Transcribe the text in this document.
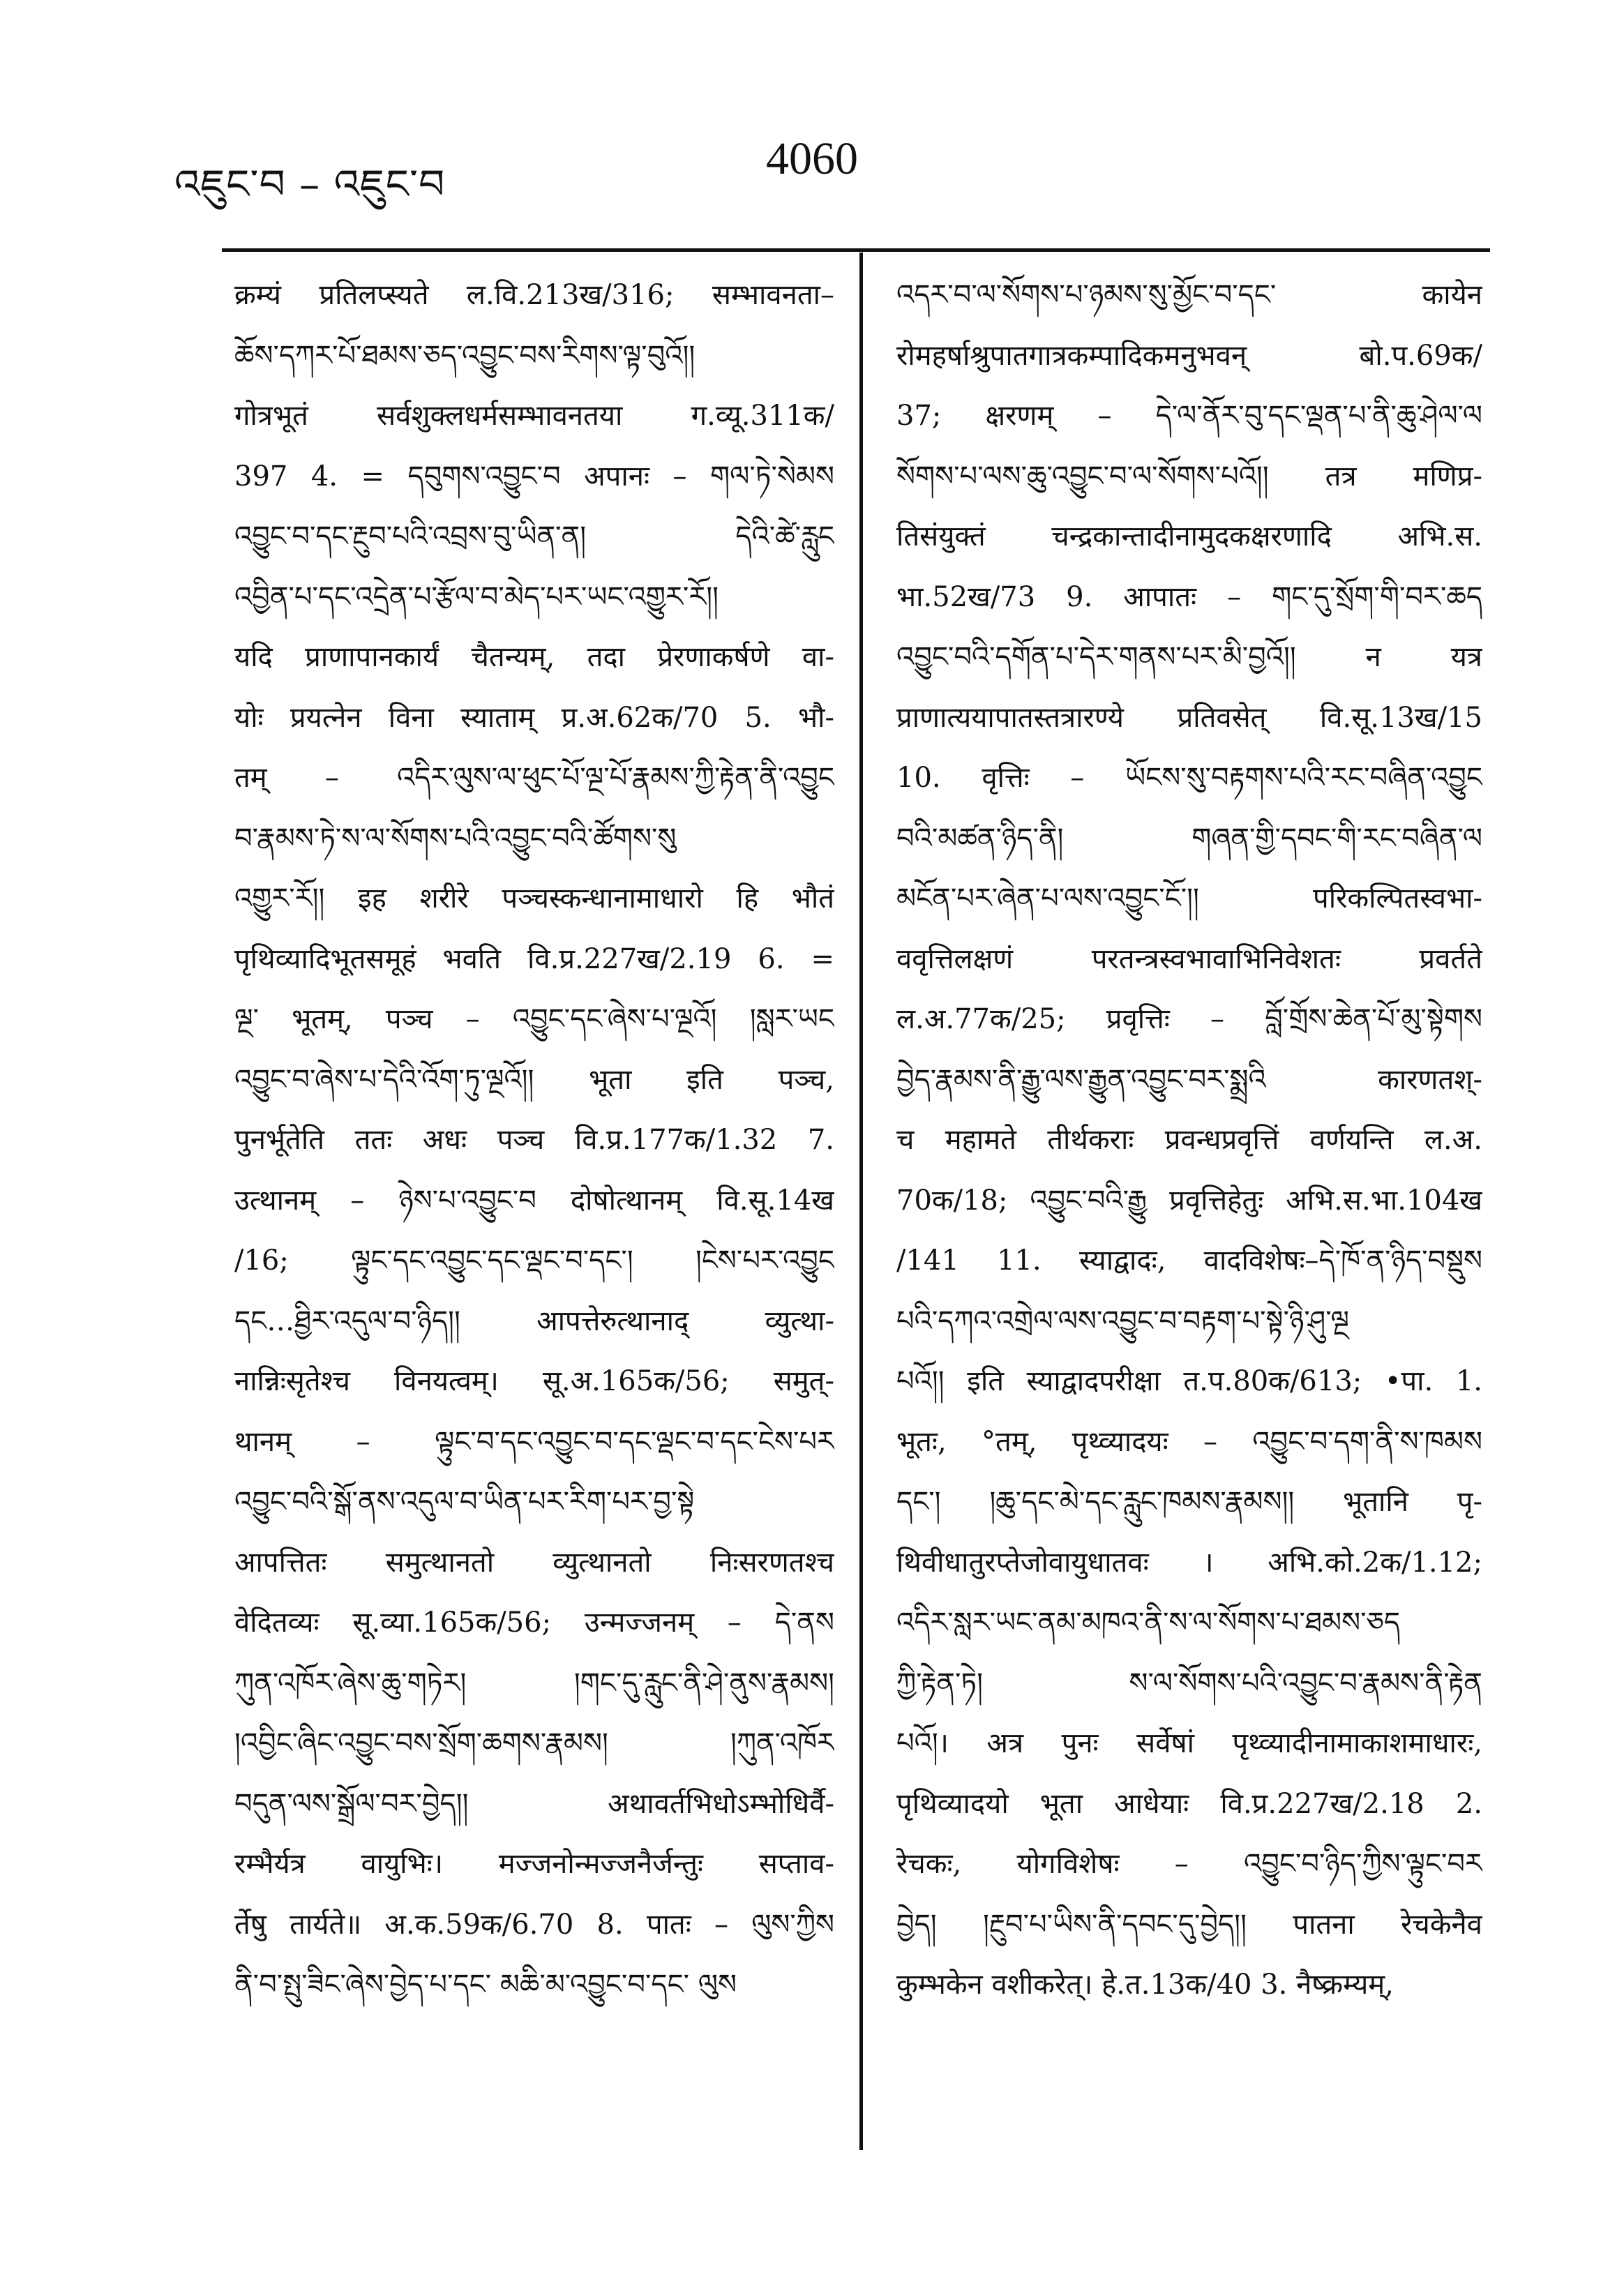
འཇུང་བ – འཇུང་བ	4060
क्रम्यं प्रतिलप्स्यते ल.वि.213ख/316; सम्भावनता–
ཆོས་དཀར་པོ་ཐམས་ཅད་འབྱུང་བས་རིགས་ལྟ་བུའོ།།
गोत्रभूतं सर्वशुक्लधर्मसम्भावनतया ग.व्यू.311क/
397 4. = དབུགས་འབྱུང་བ अपानः – གལ་ཏེ་སེམས
འབྱུང་བ་དང་རྔུབ་པའི་འབྲས་བུ་ཡིན་ན། དེའི་ཚེ་རླུང
འབྱིན་པ་དང་འདྲེན་པ་རྩོལ་བ་མེད་པར་ཡང་འགྱུར་རོ།།
यदि प्राणापानकार्यं चैतन्यम्, तदा प्रेरणाकर्षणे वा-
योः प्रयत्नेन विना स्याताम् प्र.अ.62क/70 5. भौ-
तम् – འདིར་ལུས་ལ་ཕུང་པོ་ལྔ་པོ་རྣམས་ཀྱི་རྟེན་ནི་འབྱུང
བ་རྣམས་ཏེ་ས་ལ་སོགས་པའི་འབྱུང་བའི་ཚོགས་སུ
འགྱུར་རོ།། इह शरीरे पञ्चस्कन्धानामाधारो हि भौतं
पृथिव्यादिभूतसमूहं भवति वि.प्र.227ख/2.19 6. =
ལྔ་ भूतम्, पञ्च – འབྱུང་དང་ཞེས་པ་ལྔའོ། །སླར་ཡང
འབྱུང་བ་ཞེས་པ་དེའི་འོག་ཏུ་ལྔའོ།། भूता इति पञ्च,
पुनर्भूतेति ततः अधः पञ्च वि.प्र.177क/1.32 7.
उत्थानम् – ཉེས་པ་འབྱུང་བ दोषोत्थानम् वि.सू.14ख
/16; ལྟུང་དང་འབྱུང་དང་ལྡང་བ་དང་། །ངེས་པར་འབྱུང
དང…ཐྱིར་འདུལ་བ་ཉིད།། आपत्तेरुत्थानाद् व्युत्था-
नान्निःसृतेश्च विनयत्वम्। सू.अ.165क/56; समुत्-
थानम् – ལྟུང་བ་དང་འབྱུང་བ་དང་ལྡང་བ་དང་ངེས་པར
འབྱུང་བའི་སྒོ་ནས་འདུལ་བ་ཡིན་པར་རིག་པར་བྱ་སྟེ
आपत्तितः समुत्थानतो व्युत्थानतो निःसरणतश्च
वेदितव्यः सू.व्या.165क/56; उन्मज्जनम् – དེ་ནས
ཀུན་འཁོར་ཞེས་ཆུ་གཏེར། །གང་དུ་རླུང་ནི་ཤེ་ནུས་རྣམས།
།འབྱིང་ཞིང་འབྱུང་བས་སྲོག་ཆགས་རྣམས། །ཀུན་འཁོར
བདུན་ལས་སྒྲོལ་བར་བྱེད།། अथावर्तभिधोऽम्भोधिर्वै-
रम्भैर्यत्र वायुभिः। मज्जनोन्मज्जनैर्जन्तुः सप्ताव-
र्तेषु तार्यते॥ अ.क.59क/6.70 8. पातः – ལུས་ཀྱིས
ནི་བ་སྤུ་ཟིང་ཞེས་བྱེད་པ་དང་ མཆི་མ་འབྱུང་བ་དང་ ལུས
འདར་བ་ལ་སོགས་པ་ཉམས་སུ་མྱོང་བ་དང་ कायेन
रोमहर्षाश्रुपातगात्रकम्पादिकमनुभवन् बो.प.69क/
37; क्षरणम् – དེ་ལ་ནོར་བུ་དང་ལྡན་པ་ནི་ཆུ་ཤེལ་ལ
སོགས་པ་ལས་ཆུ་འབྱུང་བ་ལ་སོགས་པའོ།། तत्र मणिप्र-
तिसंयुक्तं चन्द्रकान्तादीनामुदकक्षरणादि अभि.स.
भा.52ख/73 9. आपातः – གང་དུ་སྲོག་གི་བར་ཆད
འབྱུང་བའི་དགོན་པ་དེར་གནས་པར་མི་བྱའོ།། न यत्र
प्राणात्ययापातस्तत्रारण्ये प्रतिवसेत् वि.सू.13ख/15
10. वृत्तिः – ཡོངས་སུ་བརྟགས་པའི་རང་བཞིན་འབྱུང
བའི་མཚན་ཉིད་ནི། གཞན་གྱི་དབང་གི་རང་བཞིན་ལ
མངོན་པར་ཞེན་པ་ལས་འབྱུང་ངོ་།། परिकल्पितस्वभा-
ववृत्तिलक्षणं परतन्त्रस्वभावाभिनिवेशतः प्रवर्तते
ल.अ.77क/25; प्रवृत्तिः – བློ་གྲོས་ཆེན་པོ་མུ་སྟེགས
བྱེད་རྣམས་ནི་རྒྱུ་ལས་རྒྱུན་འབྱུང་བར་སྨྲའི कारणतश्-
च महामते तीर्थकराः प्रवन्धप्रवृत्तिं वर्णयन्ति ल.अ.
70क/18; འབྱུང་བའི་རྒྱུ प्रवृत्तिहेतुः अभि.स.भा.104ख
/141 11. स्याद्वादः, वादविशेषः–དེ་ཁོ་ན་ཉིད་བསྡུས
པའི་དཀའ་འགྲེལ་ལས་འབྱུང་བ་བརྟག་པ་སྟེ་ཉི་ཤུ་ལྔ
པའོ།། इति स्याद्वादपरीक्षा त.प.80क/613; •पा. 1.
भूतः, °तम्, पृथ्व्यादयः – འབྱུང་བ་དག་ནི་ས་ཁམས
དང་། །ཆུ་དང་མེ་དང་རླུང་ཁམས་རྣམས།། भूतानि पृ-
थिवीधातुरप्तेजोवायुधातवः । अभि.को.2क/1.12;
འདིར་སླར་ཡང་ནམ་མཁའ་ནི་ས་ལ་སོགས་པ་ཐམས་ཅད
ཀྱི་རྟེན་ཏེ། ས་ལ་སོགས་པའི་འབྱུང་བ་རྣམས་ནི་རྟེན
པའོ།। अत्र पुनः सर्वेषां पृथ्व्यादीनामाकाशमाधारः,
पृथिव्यादयो भूता आधेयाः वि.प्र.227ख/2.18 2.
रेचकः, योगविशेषः – འབྱུང་བ་ཉིད་ཀྱིས་ལྟུང་བར
བྱེད། །རྔུབ་པ་ཡིས་ནི་དབང་དུ་བྱེད།། पातना रेचकेनैव
कुम्भकेन वशीकरेत्। हे.त.13क/40 3. नैष्क्रम्यम्,
